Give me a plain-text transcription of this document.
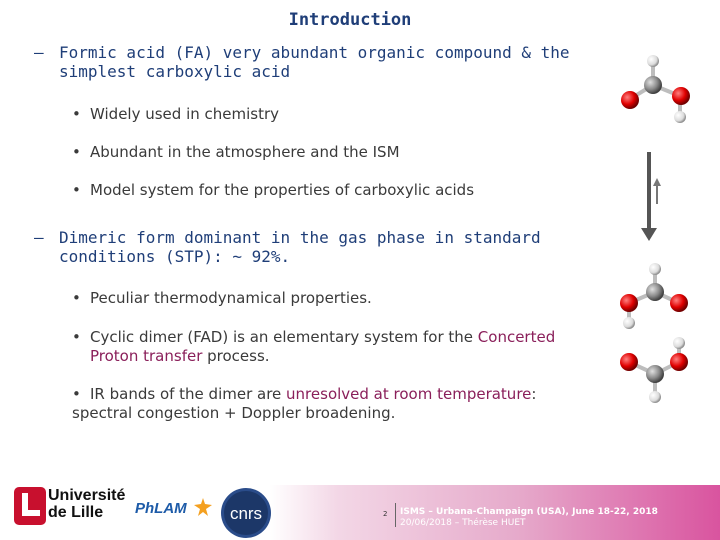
Introduction
– Formic acid (FA) very abundant organic compound & the simplest carboxylic acid
• Widely used in chemistry
• Abundant in the atmosphere and the ISM
• Model system for the properties of carboxylic acids
– Dimeric form dominant in the gas phase in standard conditions (STP): ~ 92%.
• Peculiar thermodynamical properties.
• Cyclic dimer (FAD) is an elementary system for the Concerted Proton transfer process.
• IR bands of the dimer are unresolved at room temperature: spectral congestion + Doppler broadening.
Université
de Lille	PhLAM	cnrs	2 ISMS – Urbana-Champaign (USA), June 18-22, 2018
20/06/2018 – Thérèse HUET
